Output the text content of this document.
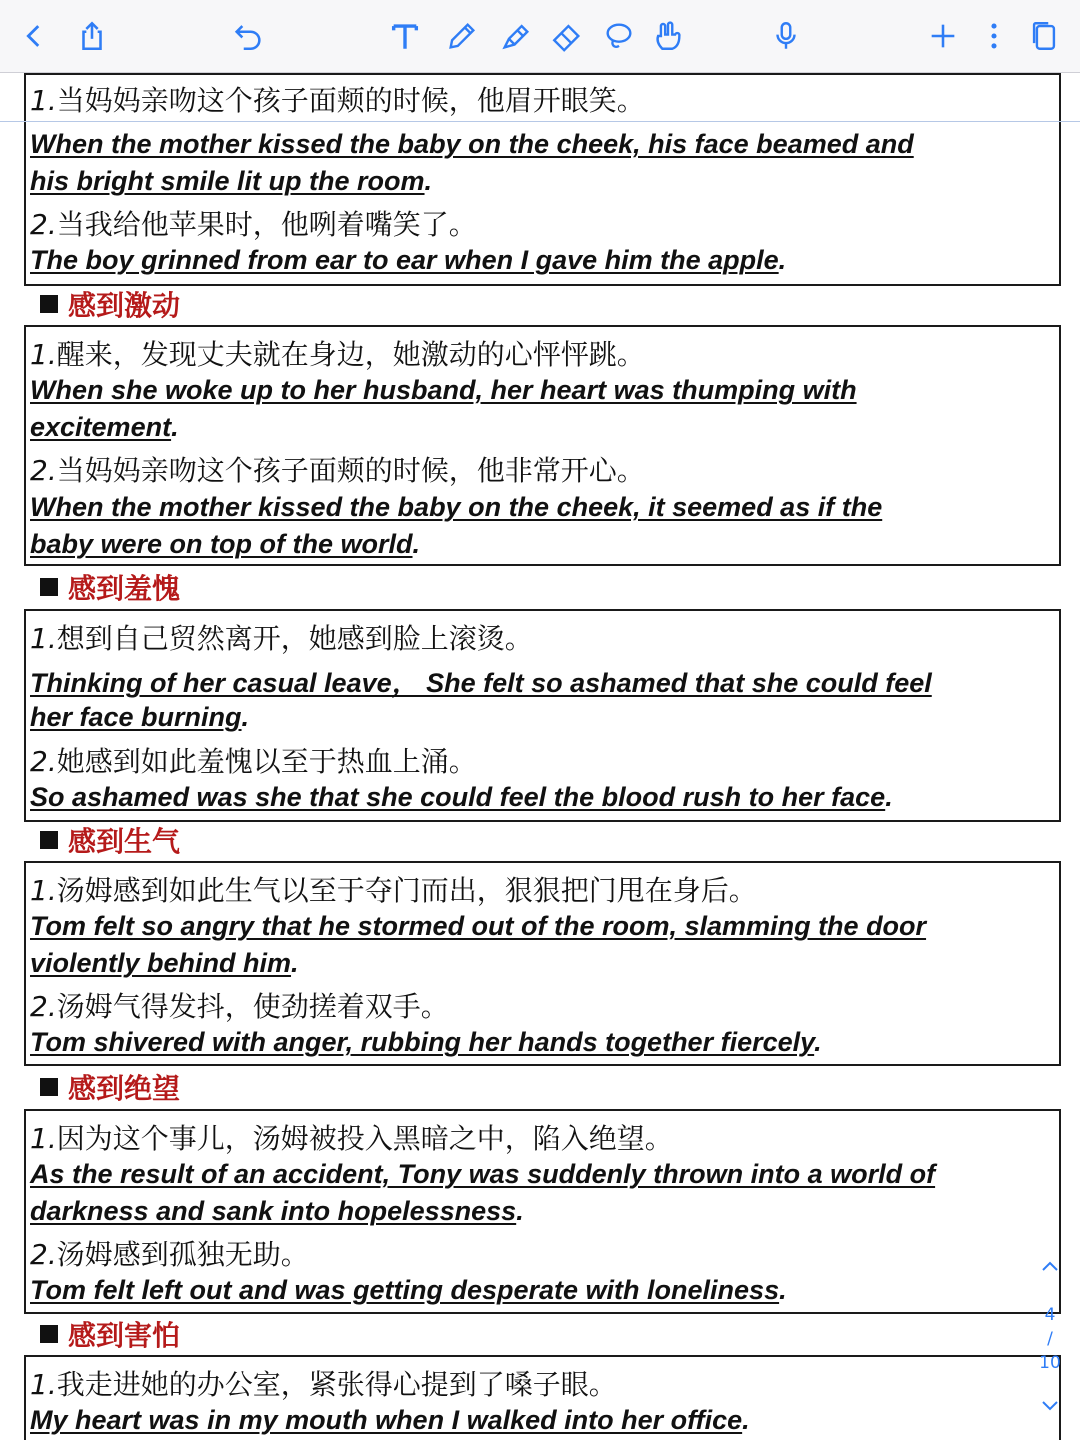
1.当妈妈亲吻这个孩子面颊的时候，他眉开眼笑。
When the mother kissed the baby on the cheek, his face beamed and
his bright smile lit up the room.
2.当我给他苹果时，他咧着嘴笑了。
The boy grinned from ear to ear when I gave him the apple.
感到激动
1.醒来，发现丈夫就在身边，她激动的心怦怦跳。
When she woke up to her husband, her heart was thumping with
excitement.
2.当妈妈亲吻这个孩子面颊的时候，他非常开心。
When the mother kissed the baby on the cheek, it seemed as if the
baby were on top of the world.
感到羞愧
1.想到自己贸然离开，她感到脸上滚烫。
Thinking of her casual leave， She felt so ashamed that she could feel
her face burning.
2.她感到如此羞愧以至于热血上涌。
So ashamed was she that she could feel the blood rush to her face.
感到生气
1.汤姆感到如此生气以至于夺门而出，狠狠把门甩在身后。
Tom felt so angry that he stormed out of the room, slamming the door
violently behind him.
2.汤姆气得发抖，使劲搓着双手。
Tom shivered with anger, rubbing her hands together fiercely.
感到绝望
1.因为这个事儿，汤姆被投入黑暗之中，陷入绝望。
As the result of an accident, Tony was suddenly thrown into a world of
darkness and sank into hopelessness.
2.汤姆感到孤独无助。
Tom felt left out and was getting desperate with loneliness.
感到害怕
1.我走进她的办公室，紧张得心提到了嗓子眼。
My heart was in my mouth when I walked into her office.
4
/
10
